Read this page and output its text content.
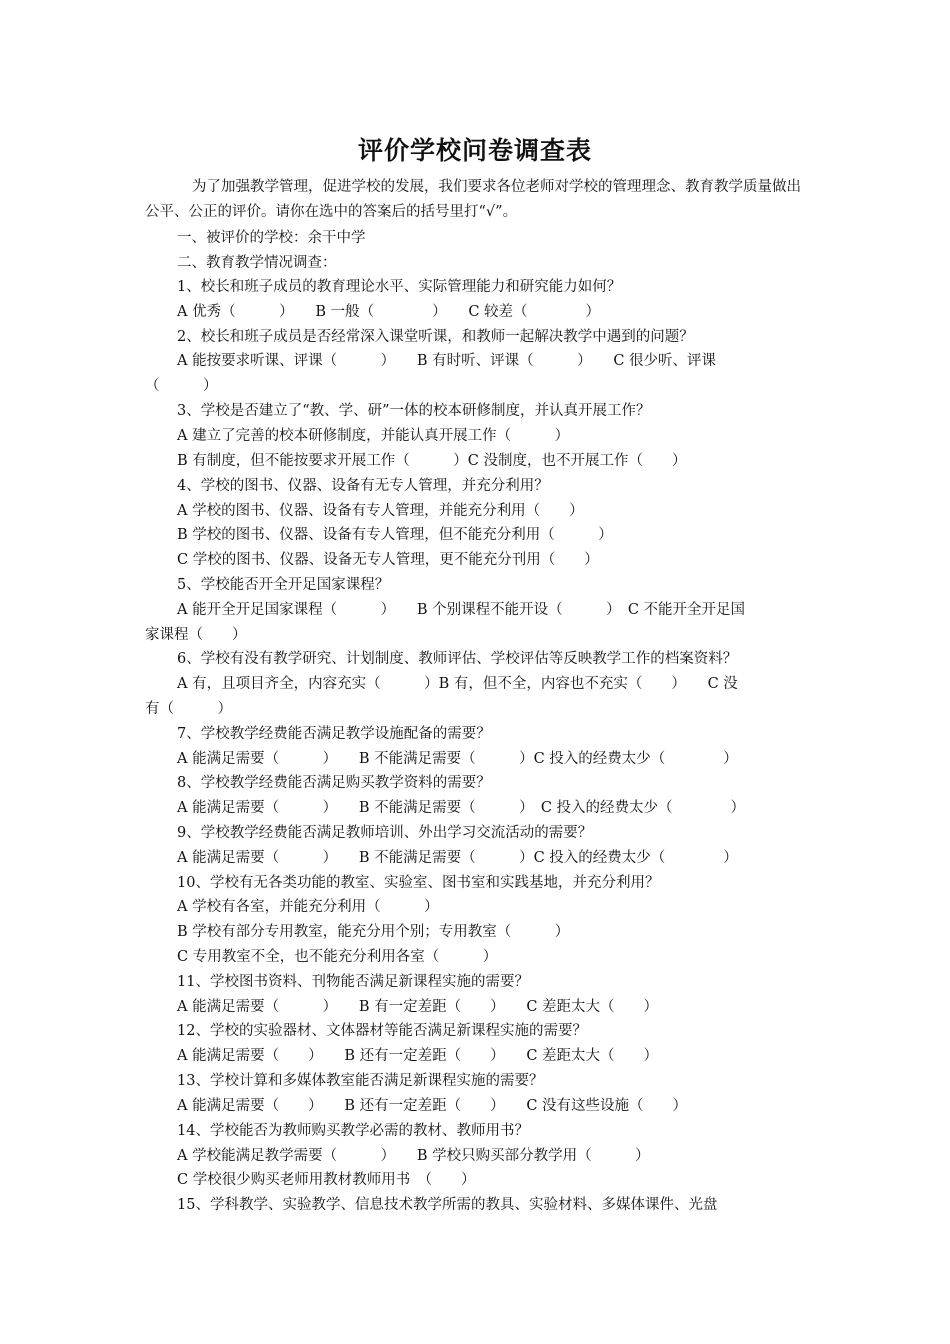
评价学校问卷调查表
为了加强教学管理，促进学校的发展，我们要求各位老师对学校的管理理念、教育教学质量做出公平、公正的评价。请你在选中的答案后的括号里打“√”。
一、被评价的学校：余干中学
二、教育教学情况调查：
1、校长和班子成员的教育理论水平、实际管理能力和研究能力如何？
A 优秀（　　　）　　B 一般（　　　　）　　C 较差（　　　　）
2、校长和班子成员是否经常深入课堂听课，和教师一起解决教学中遇到的问题？
A 能按要求听课、评课（　　　）　　B 有时听、评课（　　　）　　C 很少听、评课
（　　　）
3、学校是否建立了“教、学、研”一体的校本研修制度，并认真开展工作？
A 建立了完善的校本研修制度，并能认真开展工作（　　　）
B 有制度，但不能按要求开展工作（　　　）C 没制度，也不开展工作（　　）
4、学校的图书、仪器、设备有无专人管理，并充分利用？
A 学校的图书、仪器、设备有专人管理，并能充分利用（　　）
B 学校的图书、仪器、设备有专人管理，但不能充分利用（　　　）
C 学校的图书、仪器、设备无专人管理，更不能充分刊用（　　）
5、学校能否开全开足国家课程？
A 能开全开足国家课程（　　　）　　B 个别课程不能开设（　　　）　C 不能开全开足国
家课程（　　）
6、学校有没有教学研究、计划制度、教师评估、学校评估等反映教学工作的档案资料？
A 有，且项目齐全，内容充实（　　　）B 有，但不全，内容也不充实（　　）　　C 没
有（　　　）
7、学校教学经费能否满足教学设施配备的需要？
A 能满足需要（　　　）　　B 不能满足需要（　　　）C 投入的经费太少（　　　　）
8、学校教学经费能否满足购买教学资料的需要？
A 能满足需要（　　　）　　B 不能满足需要（　　　）　C 投入的经费太少（　　　　）
9、学校教学经费能否满足教师培训、外出学习交流活动的需要？
A 能满足需要（　　　）　　B 不能满足需要（　　　）C 投入的经费太少（　　　　）
10、学校有无各类功能的教室、实验室、图书室和实践基地，并充分利用？
A 学校有各室，并能充分利用（　　　）
B 学校有部分专用教室，能充分用个别；专用教室（　　　）
C 专用教室不全，也不能充分利用各室（　　　）
11、学校图书资料、刊物能否满足新课程实施的需要？
A 能满足需要（　　　）　　B 有一定差距（　　）　　C 差距太大（　　）
12、学校的实验器材、文体器材等能否满足新课程实施的需要？
A 能满足需要（　　）　　B 还有一定差距（　　）　　C 差距太大（　　）
13、学校计算和多媒体教室能否满足新课程实施的需要？
A 能满足需要（　　）　　B 还有一定差距（　　）　　C 没有这些设施（　　）
14、学校能否为教师购买教学必需的教材、教师用书？
A 学校能满足教学需要（　　　）　　B 学校只购买部分教学用（　　　）
C 学校很少购买老师用教材教师用书　（　　）
15、学科教学、实验教学、信息技术教学所需的教具、实验材料、多媒体课件、光盘
